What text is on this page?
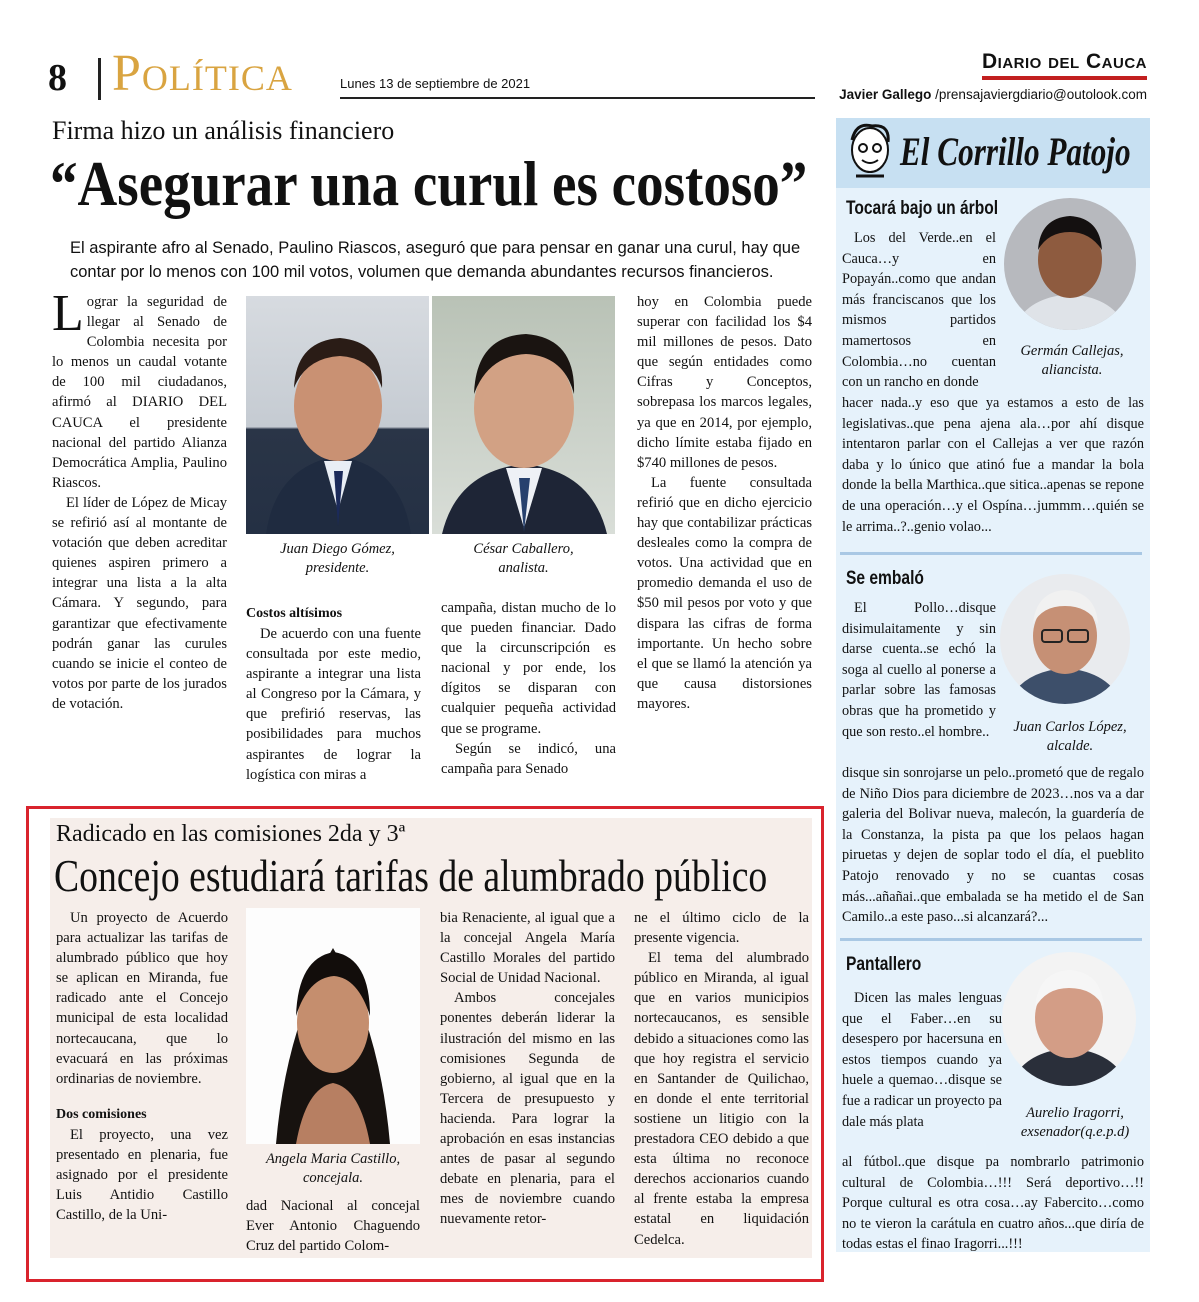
8 Política	Lunes 13 de septiembre de 2021
Diario del Cauca
Javier Gallego /prensajaviergdiario@outolook.com
Firma hizo un análisis financiero
“Asegurar una curul es costoso”
El aspirante afro al Senado, Paulino Riascos, aseguró que para pensar en ganar una curul, hay que contar por lo menos con 100 mil votos, volumen que demanda abundantes recursos financieros.

Lograr la seguridad de llegar al Senado de Colombia necesita por lo menos un caudal votante de 100 mil ciudadanos, afirmó al DIARIO DEL CAUCA el presidente nacional del partido Alianza Democrática Amplia, Paulino Riascos.

El líder de López de Micay se refirió así al montante de votación que deben acreditar quienes aspiren primero a integrar una lista a la alta Cámara. Y segundo, para garantizar que efectivamente podrán ganar las curules cuando se inicie el conteo de votos por parte de los jurados de votación.

Juan Diego Gómez,
presidente.
César Caballero,
analista.
Costos altísimos

De acuerdo con una fuente consultada por este medio, aspirante a integrar una lista al Congreso por la Cámara, y que prefirió reservas, las posibilidades para muchos aspirantes de lograr la logística con miras a

campaña, distan mucho de lo que pueden financiar. Dado que la circunscripción es nacional y por ende, los dígitos se disparan con cualquier pequeña actividad que se programe.

Según se indicó, una campaña para Senado

hoy en Colombia puede superar con facilidad los $4 mil millones de pesos. Dato que según entidades como Cifras y Conceptos, sobrepasa los marcos legales, ya que en 2014, por ejemplo, dicho límite estaba fijado en $740 millones de pesos.

La fuente consultada refirió que en dicho ejercicio hay que contabilizar prácticas desleales como la compra de votos. Una actividad que en promedio demanda el uso de $50 mil pesos por voto y que dispara las cifras de forma importante. Un hecho sobre el que se llamó la atención ya que causa distorsiones mayores.

Radicado en las comisiones 2da y 3ª
Concejo estudiará tarifas de alumbrado público

Un proyecto de Acuerdo para actualizar las tarifas de alumbrado público que hoy se aplican en Miranda, fue radicado ante el Concejo municipal de esta localidad nortecaucana, que lo evacuará en las próximas ordinarias de noviembre.

Dos comisiones

El proyecto, una vez presentado en plenaria, fue asignado por el presidente Luis Antidio Castillo Castillo, de la Uni-

Angela Maria Castillo,
concejala.

dad Nacional al concejal Ever Antonio Chaguendo Cruz del partido Colom-

bia Renaciente, al igual que a la concejal Angela María Castillo Morales del partido Social de Unidad Nacional.

Ambos concejales ponentes deberán liderar la ilustración del mismo en las comisiones Segunda de gobierno, al igual que en la Tercera de presupuesto y hacienda. Para lograr la aprobación en esas instancias antes de pasar al segundo debate en plenaria, para el mes de noviembre cuando nuevamente retor-

ne el último ciclo de la presente vigencia.

El tema del alumbrado público en Miranda, al igual que en varios municipios nortecaucanos, es sensible debido a situaciones como las que hoy registra el servicio en Santander de Quilichao, en donde el ente territorial sostiene un litigio con la prestadora CEO debido a que esta última no reconoce derechos accionarios cuando al frente estaba la empresa estatal en liquidación Cedelca.

El Corrillo Patojo
Tocará bajo un árbol

Los del Verde..en el Cauca…y en Popayán..como que andan más franciscanos que los mismos partidos mamertosos en Colombia…no cuentan con un rancho en donde

Germán Callejas,
aliancista.

hacer nada..y eso que ya estamos a esto de las legislativas..que pena ajena ala…por ahí disque intentaron parlar con el Callejas a ver que razón daba y lo único que atinó fue a mandar la bola donde la bella Marthica..que sitica..apenas se repone de una operación…y el Ospína…jummm…quién se le arrima..?..genio volao...

Se embaló

El Pollo…disque disimulaitamente y sin darse cuenta..se echó la soga al cuello al ponerse a parlar sobre las famosas obras que ha prometido y que son resto..el hombre..	Juan Carlos López,
alcalde.

disque sin sonrojarse un pelo..prometó que de regalo de Niño Dios para diciembre de 2023…nos va a dar galeria del Bolivar nueva, malecón, la guardería de la Constanza, la pista pa que los pelaos hagan piruetas y dejen de soplar todo el día, el pueblito Patojo renovado y no se cuantas cosas más...añañai..que embalada se ha metido el de San Camilo..a este paso...si alcanzará?...

Pantallero

Dicen las males lenguas que el Faber…en su desespero por hacersuna en estos tiempos cuando ya huele a quemao…disque se fue a radicar un proyecto pa dale más plata

Aurelio Iragorri,
exsenador(q.e.p.d)

al fútbol..que disque pa nombrarlo patrimonio cultural de Colombia…!!! Será deportivo…!! Porque cultural es otra cosa…ay Fabercito…como no te vieron la carátula en cuatro años...que diría de todas estas el finao Iragorri...!!!
